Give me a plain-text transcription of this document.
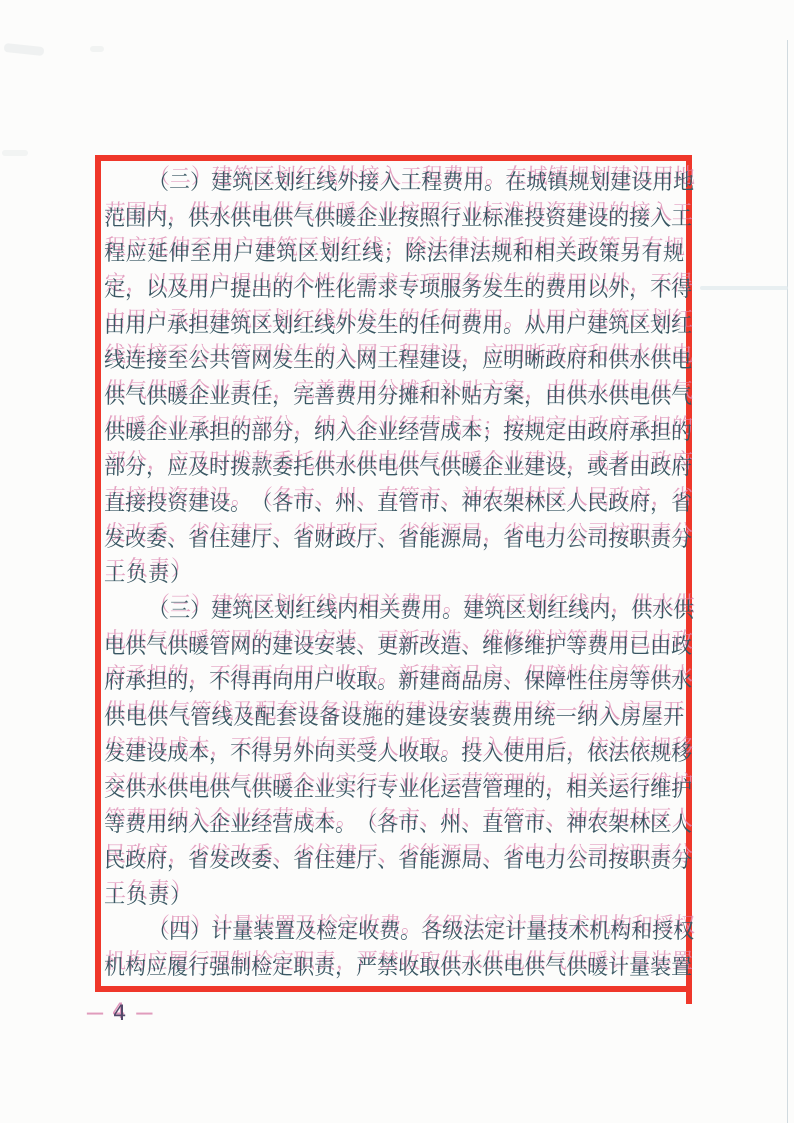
（ 二 ） 建 筑 区 划 红 线 外 接 入 工 程 费 用 。 在 城 镇 规 划 建 设 用 地
范 围 内 ， 供 水 供 电 供 气 供 暖 企 业 按 照 行 业 标 准 投 资 建 设 的 接 入 工
程 应 延 伸 至 用 户 建 筑 区 划 红 线 ； 除 法 律 法 规 和 相 关 政 策 另 有 规
定 ， 以 及 用 户 提 出 的 个 性 化 需 求 专 项 服 务 发 生 的 费 用 以 外 ， 不 得
由 用 户 承 担 建 筑 区 划 红 线 外 发 生 的 任 何 费 用 。 从 用 户 建 筑 区 划 红
线 连 接 至 公 共 管 网 发 生 的 入 网 工 程 建 设 ， 应 明 晰 政 府 和 供 水 供 电
供 气 供 暖 企 业 责 任 ， 完 善 费 用 分 摊 和 补 贴 方 案 ， 由 供 水 供 电 供 气
供 暖 企 业 承 担 的 部 分 ， 纳 入 企 业 经 营 成 本 ； 按 规 定 由 政 府 承 担 的
部 分 ， 应 及 时 拨 款 委 托 供 水 供 电 供 气 供 暖 企 业 建 设 ， 或 者 由 政 府
直 接 投 资 建 设 。 （ 各 市 、 州 、 直 管 市 、 神 农 架 林 区 人 民 政 府 ， 省
发 改 委 、 省 住 建 厅 、 省 财 政 厅 、 省 能 源 局 ， 省 电 力 公 司 按 职 责 分
工 负 责 ）
（ 三 ） 建 筑 区 划 红 线 内 相 关 费 用 。 建 筑 区 划 红 线 内 ， 供 水 供
电 供 气 供 暖 管 网 的 建 设 安 装 、 更 新 改 造 、 维 修 维 护 等 费 用 已 由 政
府 承 担 的 ， 不 得 再 向 用 户 收 取 。 新 建 商 品 房 、 保 障 性 住 房 等 供 水
供 电 供 气 管 线 及 配 套 设 备 设 施 的 建 设 安 装 费 用 统 一 纳 入 房 屋 开
发 建 设 成 本 ， 不 得 另 外 向 买 受 人 收 取 。 投 入 使 用 后 ， 依 法 依 规 移
交 供 水 供 电 供 气 供 暖 企 业 实 行 专 业 化 运 营 管 理 的 ， 相 关 运 行 维 护
等 费 用 纳 入 企 业 经 营 成 本 。 （ 各 市 、 州 、 直 管 市 、 神 农 架 林 区 人
民 政 府 ， 省 发 改 委 、 省 住 建 厅 、 省 能 源 局 、 省 电 力 公 司 按 职 责 分
工 负 责 ）
（ 四 ） 计 量 装 置 及 检 定 收 费 。 各 级 法 定 计 量 技 术 机 构 和 授 权
机 构 应 履 行 强 制 检 定 职 责 ， 严 禁 收 取 供 水 供 电 供 气 供 暖 计 量 装 置
— 4 —
